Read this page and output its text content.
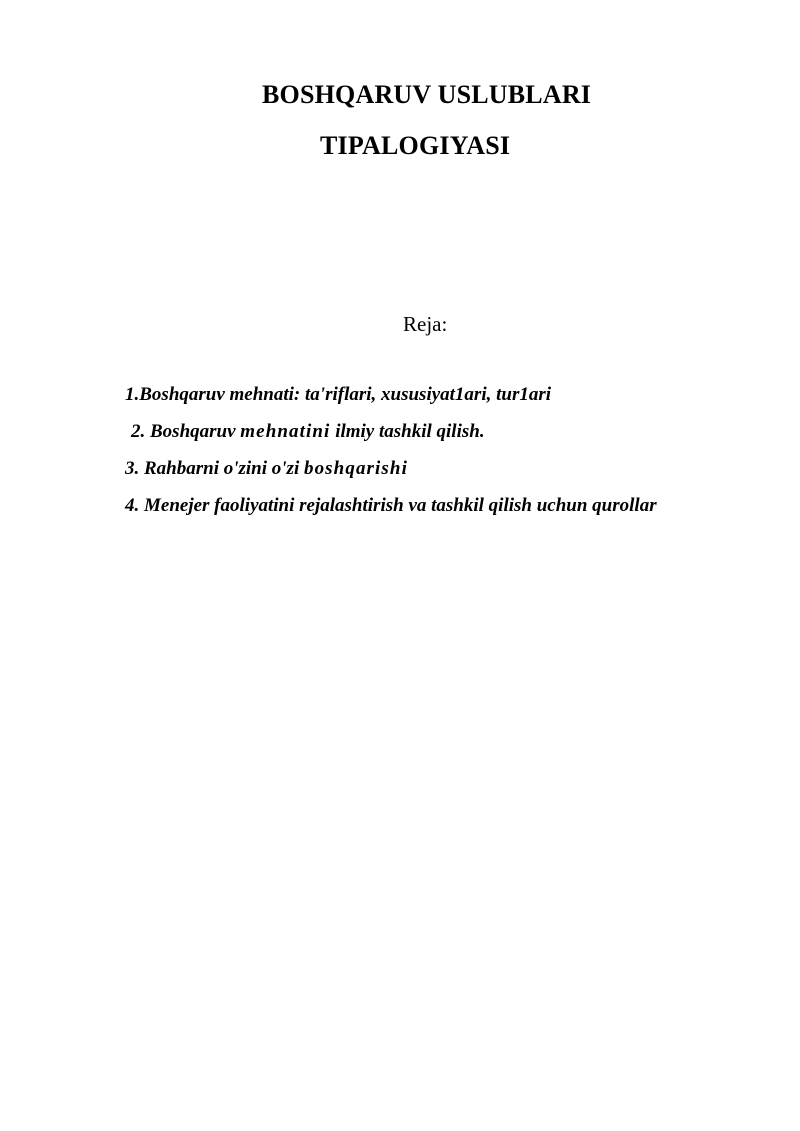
BOSHQARUV USLUBLARI
TIPALOGIYASI
Reja:
1.Boshqaruv mehnati: ta'riflari, xususiyat1ari, tur1ari
2. Boshqaruv mehnatini ilmiy tashkil qilish.
3. Rahbarni o'zini o'zi boshqarishi
4. Menejer faoliyatini rejalashtirish va tashkil qilish uchun qurollar
